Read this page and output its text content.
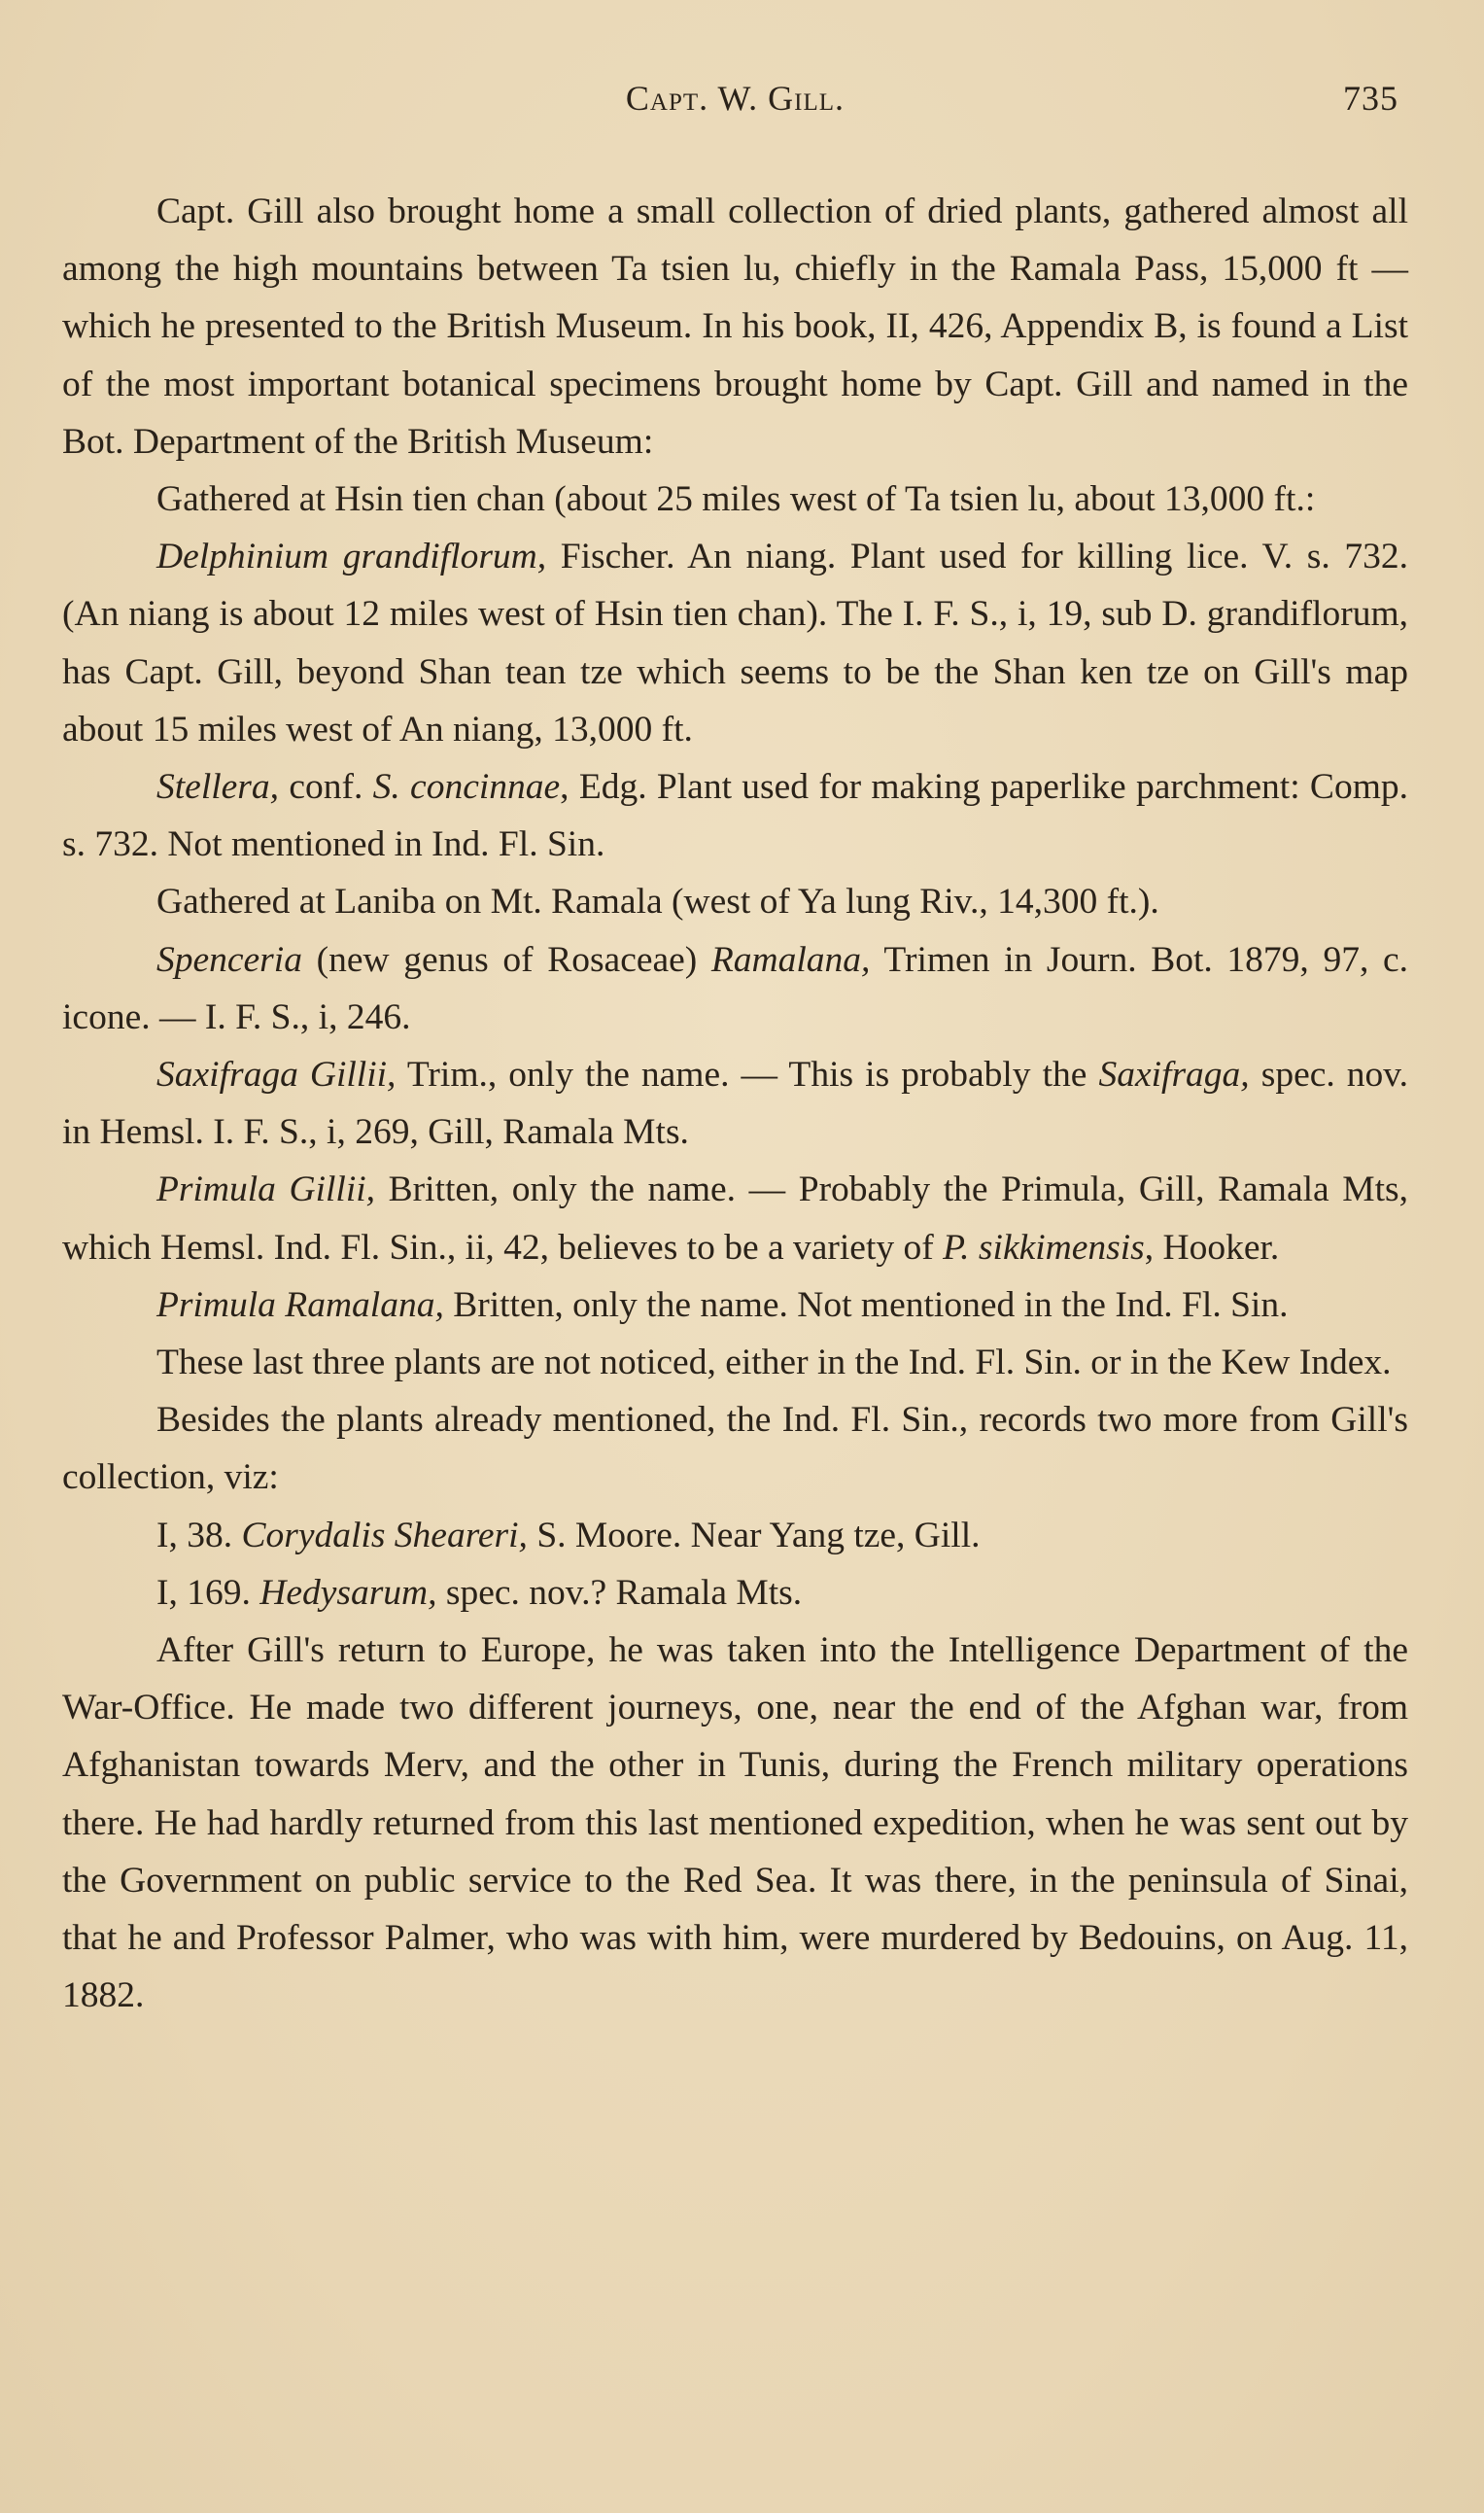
Capt. W. Gill.	735

Capt. Gill also brought home a small collection of dried plants, gathered almost all among the high mountains between Ta tsien lu, chiefly in the Ramala Pass, 15,000 ft — which he presented to the British Museum. In his book, II, 426, Appendix B, is found a List of the most important botanical specimens brought home by Capt. Gill and named in the Bot. Department of the British Museum:

Gathered at Hsin tien chan (about 25 miles west of Ta tsien lu, about 13,000 ft.:

Delphinium grandiflorum, Fischer. An niang. Plant used for killing lice. V. s. 732. (An niang is about 12 miles west of Hsin tien chan). The I. F. S., i, 19, sub D. grandiflorum, has Capt. Gill, beyond Shan tean tze which seems to be the Shan ken tze on Gill's map about 15 miles west of An niang, 13,000 ft.

Stellera, conf. S. concinnae, Edg. Plant used for making paperlike parchment: Comp. s. 732. Not mentioned in Ind. Fl. Sin.

Gathered at Laniba on Mt. Ramala (west of Ya lung Riv., 14,300 ft.).

Spenceria (new genus of Rosaceae) Ramalana, Trimen in Journ. Bot. 1879, 97, c. icone. — I. F. S., i, 246.

Saxifraga Gillii, Trim., only the name. — This is probably the Saxifraga, spec. nov. in Hemsl. I. F. S., i, 269, Gill, Ramala Mts.

Primula Gillii, Britten, only the name. — Probably the Primula, Gill, Ramala Mts, which Hemsl. Ind. Fl. Sin., ii, 42, believes to be a variety of P. sikkimensis, Hooker.

Primula Ramalana, Britten, only the name. Not mentioned in the Ind. Fl. Sin.

These last three plants are not noticed, either in the Ind. Fl. Sin. or in the Kew Index.

Besides the plants already mentioned, the Ind. Fl. Sin., records two more from Gill's collection, viz:

I, 38. Corydalis Shearerі, S. Moore. Near Yang tze, Gill.

I, 169. Hedysarum, spec. nov.? Ramala Mts.

After Gill's return to Europe, he was taken into the Intelligence Department of the War-Office. He made two different journeys, one, near the end of the Afghan war, from Afghanistan towards Merv, and the other in Tunis, during the French military operations there. He had hardly returned from this last mentioned expedition, when he was sent out by the Government on public service to the Red Sea. It was there, in the peninsula of Sinai, that he and Professor Palmer, who was with him, were murdered by Bedouins, on Aug. 11, 1882.
